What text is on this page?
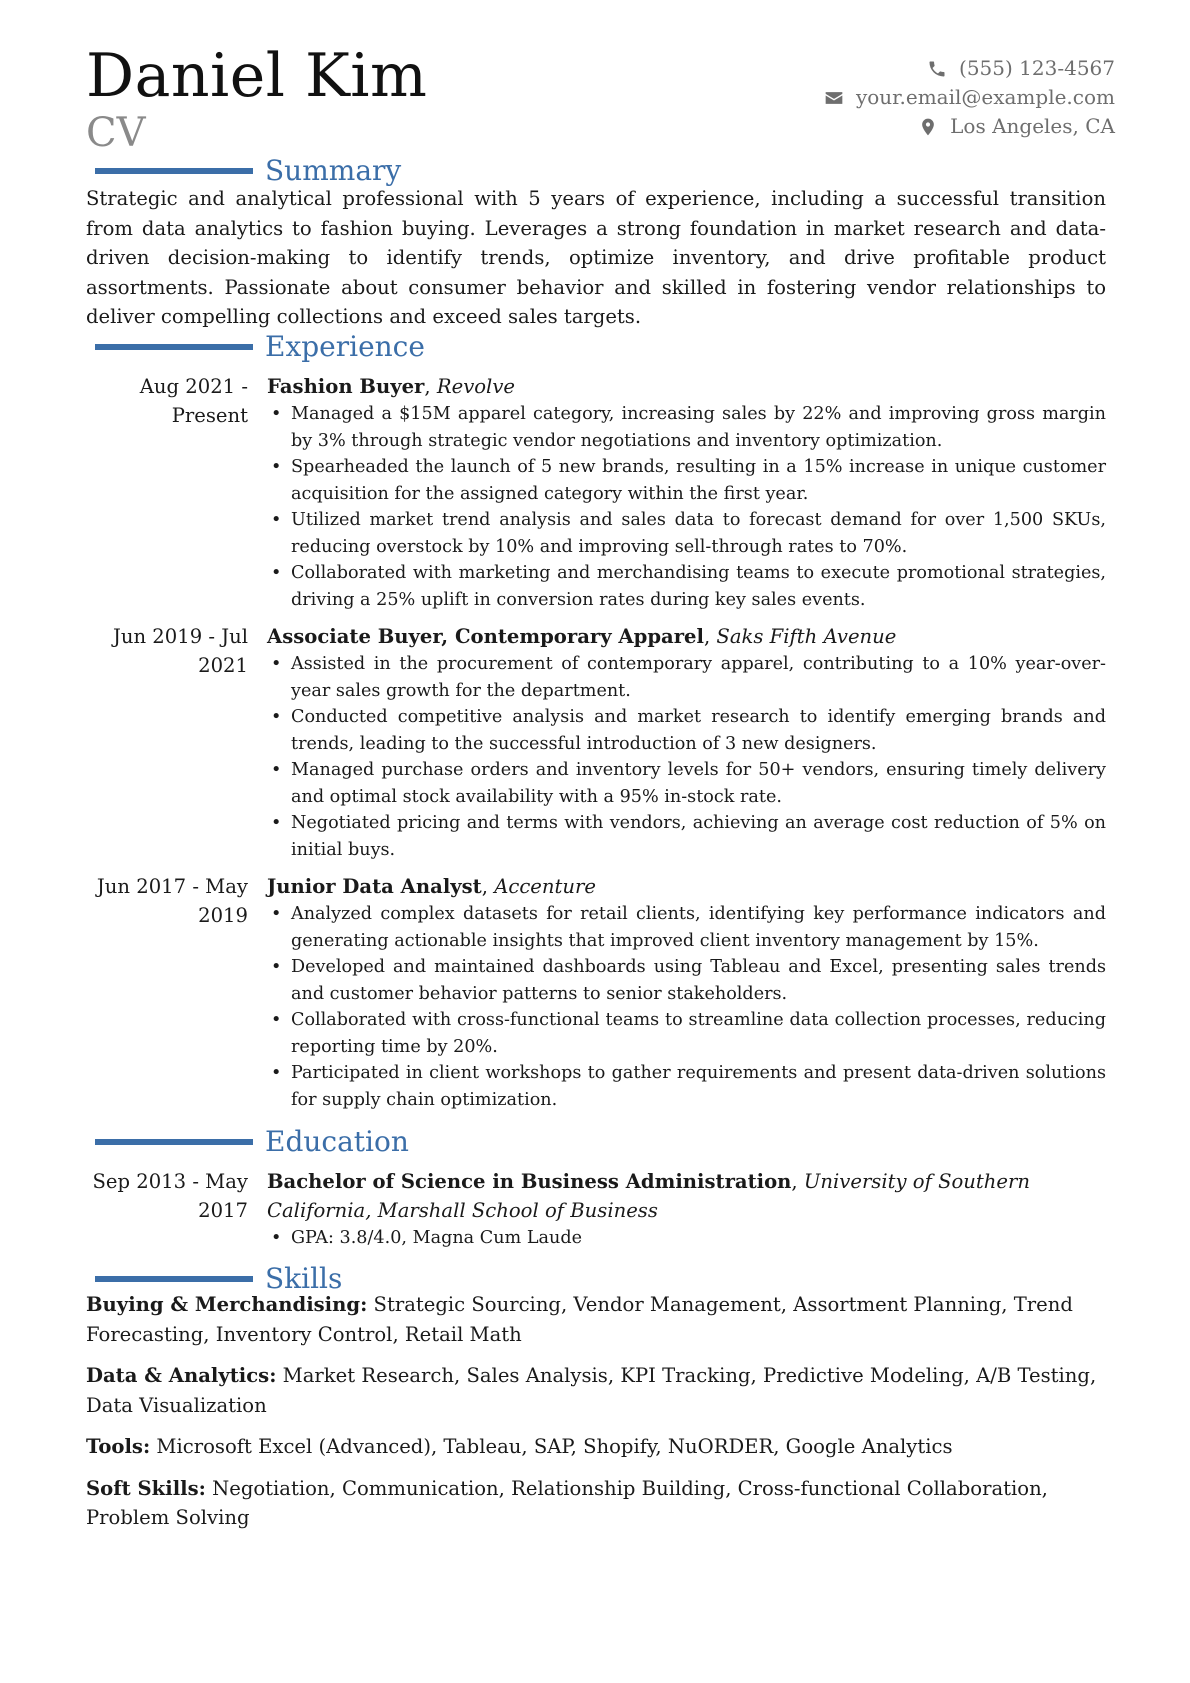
Daniel Kim
CV
(555) 123-4567
your.email@example.com
Los Angeles, CA
Summary
Strategic and analytical professional with 5 years of experience, including a successful transition from data analytics to fashion buying. Leverages a strong foundation in market research and data-driven decision-making to identify trends, optimize inventory, and drive profitable product assortments. Passionate about consumer behavior and skilled in fostering vendor relationships to deliver compelling collections and exceed sales targets.
Experience
Aug 2021 - Present
Fashion Buyer, Revolve
• Managed a $15M apparel category, increasing sales by 22% and improving gross margin by 3% through strategic vendor negotiations and inventory optimization.
• Spearheaded the launch of 5 new brands, resulting in a 15% increase in unique customer acquisition for the assigned category within the first year.
• Utilized market trend analysis and sales data to forecast demand for over 1,500 SKUs, reducing overstock by 10% and improving sell-through rates to 70%.
• Collaborated with marketing and merchandising teams to execute promotional strategies, driving a 25% uplift in conversion rates during key sales events.
Jun 2019 - Jul 2021
Associate Buyer, Contemporary Apparel, Saks Fifth Avenue
• Assisted in the procurement of contemporary apparel, contributing to a 10% year-over-year sales growth for the department.
• Conducted competitive analysis and market research to identify emerging brands and trends, leading to the successful introduction of 3 new designers.
• Managed purchase orders and inventory levels for 50+ vendors, ensuring timely delivery and optimal stock availability with a 95% in-stock rate.
• Negotiated pricing and terms with vendors, achieving an average cost reduction of 5% on initial buys.
Jun 2017 - May 2019
Junior Data Analyst, Accenture
• Analyzed complex datasets for retail clients, identifying key performance indicators and generating actionable insights that improved client inventory management by 15%.
• Developed and maintained dashboards using Tableau and Excel, presenting sales trends and customer behavior patterns to senior stakeholders.
• Collaborated with cross-functional teams to streamline data collection processes, reducing reporting time by 20%.
• Participated in client workshops to gather requirements and present data-driven solutions for supply chain optimization.
Education
Sep 2013 - May 2017
Bachelor of Science in Business Administration, University of Southern California, Marshall School of Business
• GPA: 3.8/4.0, Magna Cum Laude
Skills
Buying & Merchandising: Strategic Sourcing, Vendor Management, Assortment Planning, Trend Forecasting, Inventory Control, Retail Math
Data & Analytics: Market Research, Sales Analysis, KPI Tracking, Predictive Modeling, A/B Testing, Data Visualization
Tools: Microsoft Excel (Advanced), Tableau, SAP, Shopify, NuORDER, Google Analytics
Soft Skills: Negotiation, Communication, Relationship Building, Cross-functional Collaboration, Problem Solving
